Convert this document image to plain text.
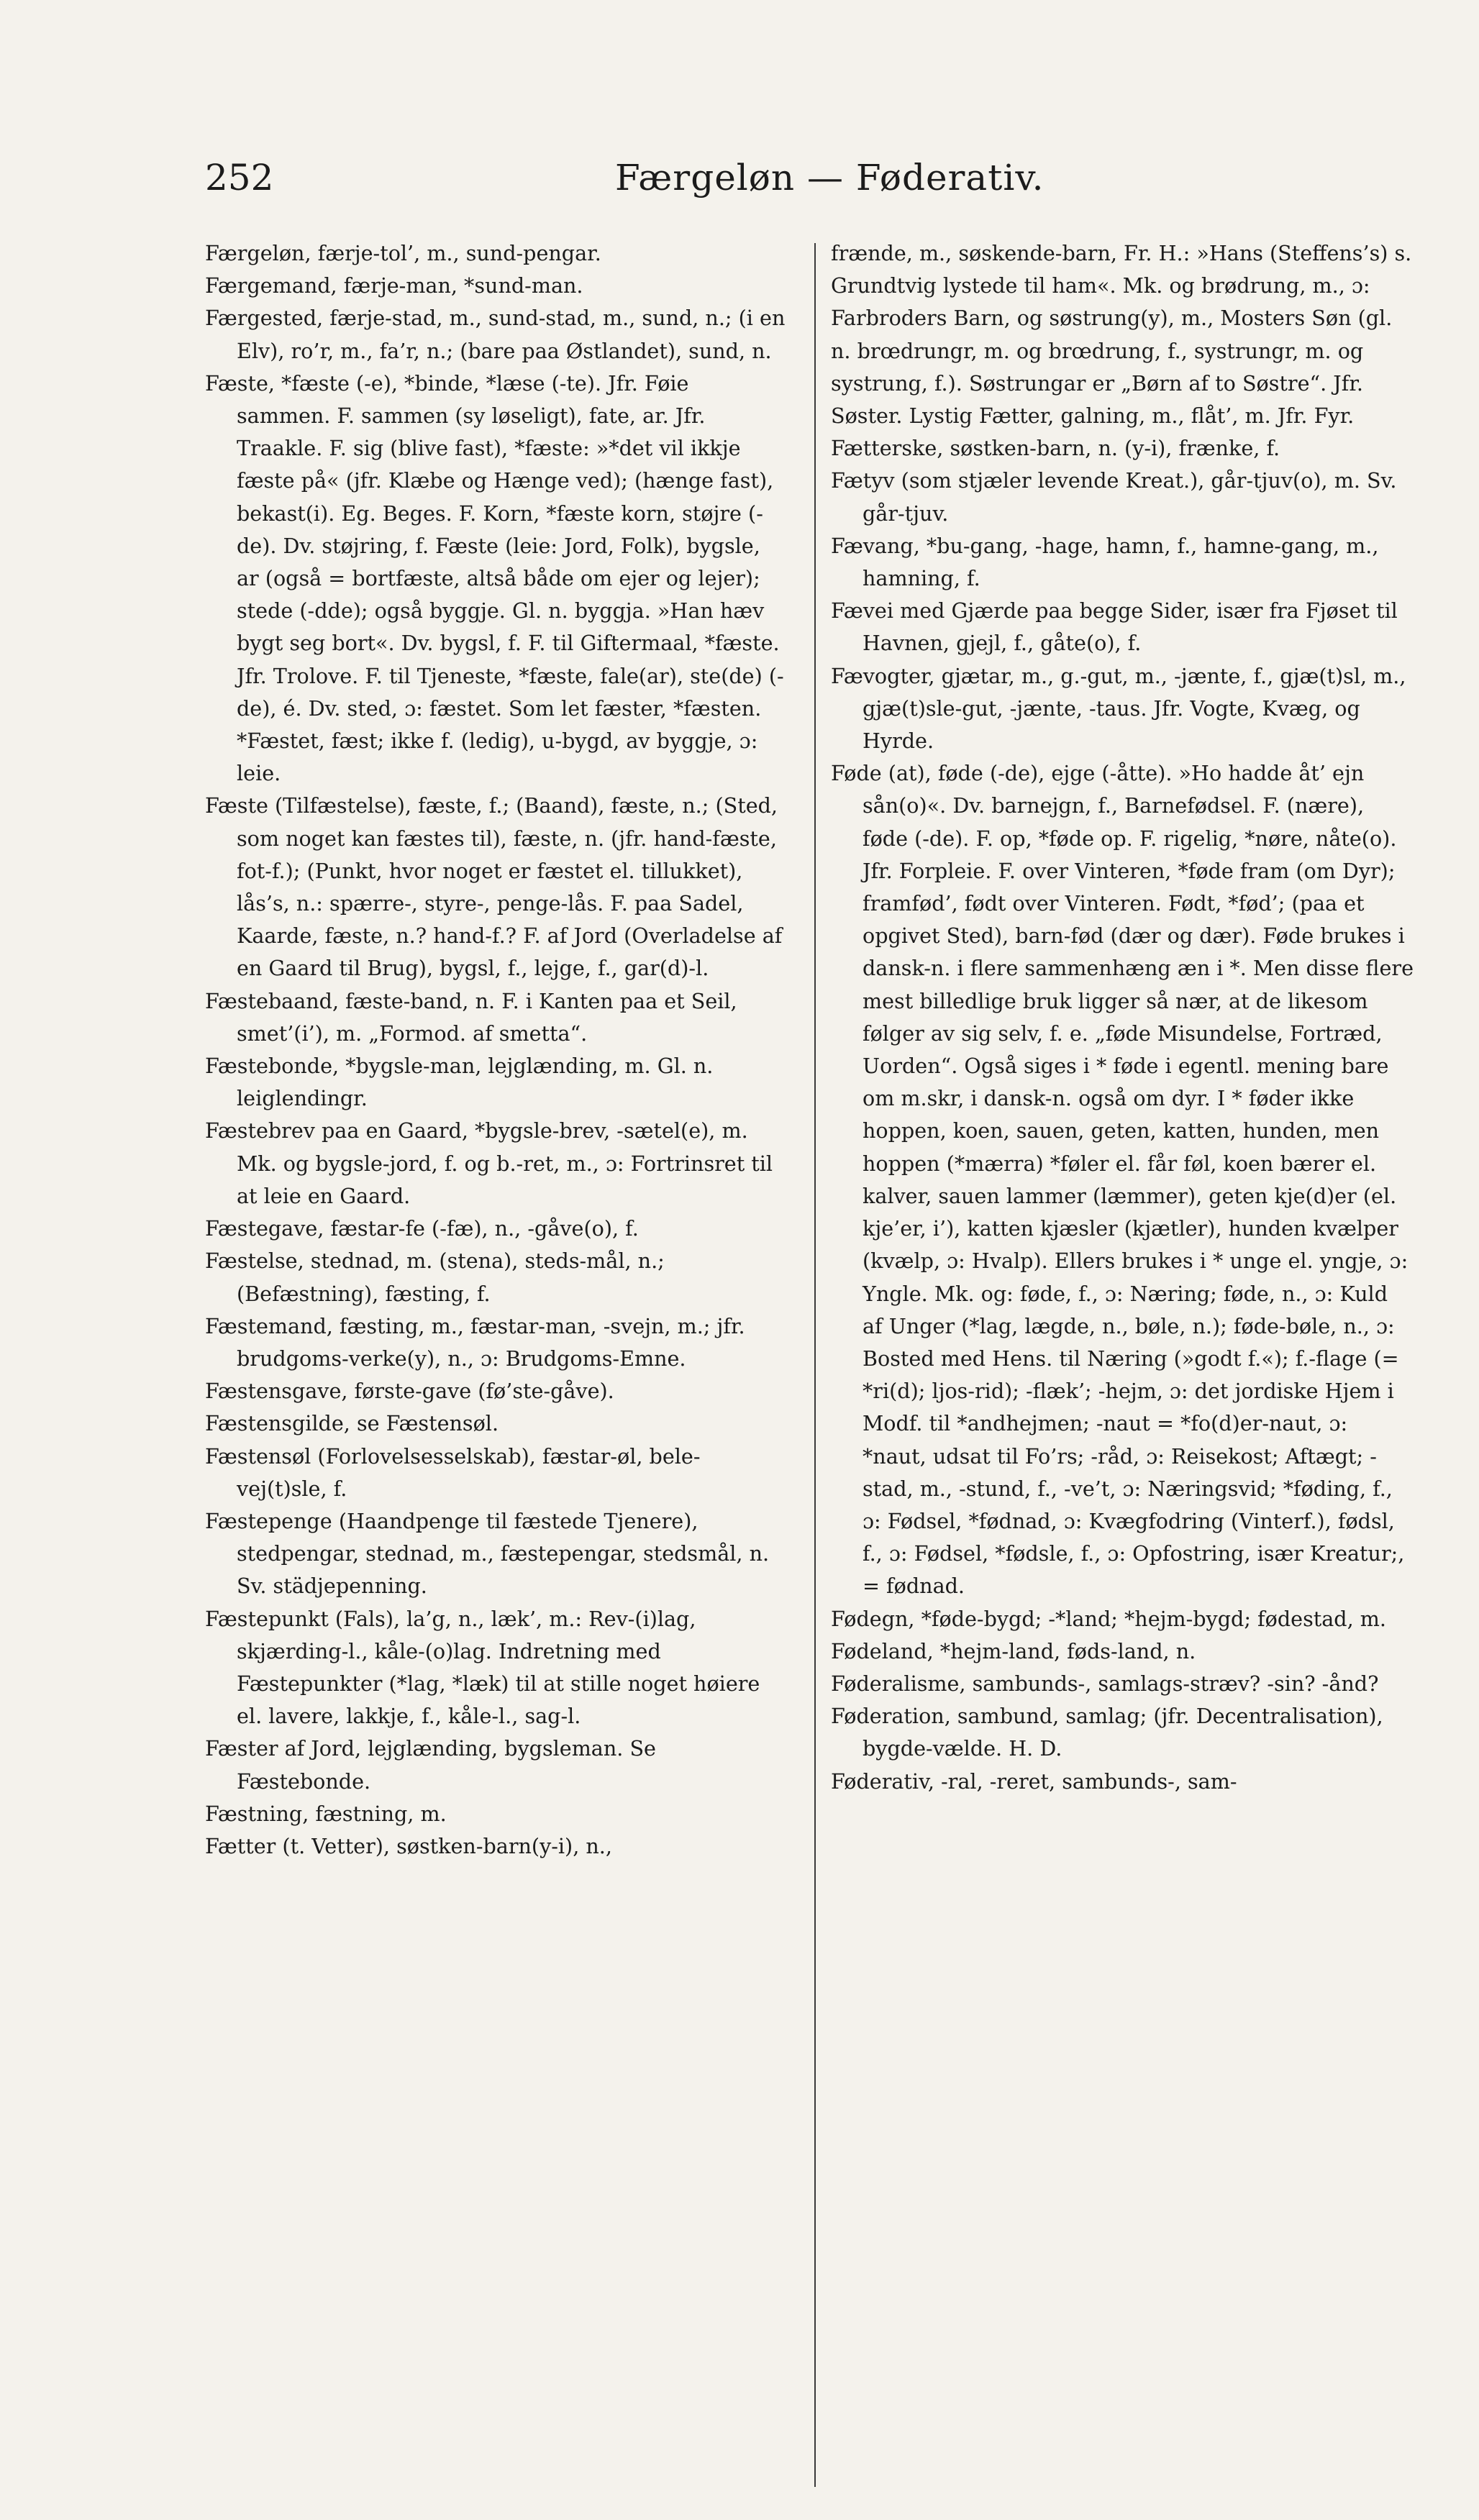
252	Færgeløn — Føderativ.

Færgeløn, færje-tol’, m., sund-pengar.

Færgemand, færje-man, *sund-man.

Færgested, færje-stad, m., sund-stad, m., sund, n.; (i en Elv), ro’r, m., fa’r, n.; (bare paa Østlandet), sund, n.

Fæste, *fæste (-e), *binde, *læse (-te). Jfr. Føie sammen. F. sammen (sy løseligt), fate, ar. Jfr. Traakle. F. sig (blive fast), *fæste: »*det vil ikkje fæste på« (jfr. Klæbe og Hænge ved); (hænge fast), bekast(i). Eg. Beges. F. Korn, *fæste korn, støjre (-de). Dv. støjring, f. Fæste (leie: Jord, Folk), bygsle, ar (også = bortfæste, altså både om ejer og lejer); stede (-dde); også byggje. Gl. n. byggja. »Han hæv bygt seg bort«. Dv. bygsl, f. F. til Giftermaal, *fæste. Jfr. Trolove. F. til Tjeneste, *fæste, fale(ar), ste(de) (-de), é. Dv. sted, ɔ: fæstet. Som let fæster, *fæsten. *Fæstet, fæst; ikke f. (ledig), u-bygd, av byggje, ɔ: leie.

Fæste (Tilfæstelse), fæste, f.; (Baand), fæste, n.; (Sted, som noget kan fæstes til), fæste, n. (jfr. hand-fæste, fot-f.); (Punkt, hvor noget er fæstet el. tillukket), lås’s, n.: spærre-, styre-, penge-lås. F. paa Sadel, Kaarde, fæste, n.? hand-f.? F. af Jord (Overladelse af en Gaard til Brug), bygsl, f., lejge, f., gar(d)-l.

Fæstebaand, fæste-band, n. F. i Kanten paa et Seil, smet’(i’), m. „Formod. af smetta“.

Fæstebonde, *bygsle-man, lejglænding, m. Gl. n. leiglendingr.

Fæstebrev paa en Gaard, *bygsle-brev, -sætel(e), m. Mk. og bygsle-jord, f. og b.-ret, m., ɔ: Fortrinsret til at leie en Gaard.

Fæstegave, fæstar-fe (-fæ), n., -gåve(o), f.

Fæstelse, stednad, m. (stena), steds-mål, n.; (Befæstning), fæsting, f.

Fæstemand, fæsting, m., fæstar-man, -svejn, m.; jfr. brudgoms-verke(y), n., ɔ: Brudgoms-Emne.

Fæstensgave, første-gave (fø’ste-gåve).

Fæstensgilde, se Fæstensøl.

Fæstensøl (Forlovelsesselskab), fæstar-øl, bele-vej(t)sle, f.

Fæstepenge (Haandpenge til fæstede Tjenere), stedpengar, stednad, m., fæstepengar, stedsmål, n. Sv. städjepenning.

Fæstepunkt (Fals), la’g, n., læk’, m.: Rev-(i)lag, skjærding-l., kåle-(o)lag. Indretning med Fæstepunkter (*lag, *læk) til at stille noget høiere el. lavere, lakkje, f., kåle-l., sag-l.

Fæster af Jord, lejglænding, bygsleman. Se Fæstebonde.

Fæstning, fæstning, m.

Fætter (t. Vetter), søstken-barn(y-i), n.,

frænde, m., søskende-barn, Fr. H.: »Hans (Steffens’s) s. Grundtvig lystede til ham«. Mk. og brødrung, m., ɔ: Farbroders Barn, og søstrung(y), m., Mosters Søn (gl. n. brœdrungr, m. og brœdrung, f., systrungr, m. og systrung, f.). Søstrungar er „Børn af to Søstre“. Jfr. Søster. Lystig Fætter, galning, m., flåt’, m. Jfr. Fyr.

Fætterske, søstken-barn, n. (y-i), frænke, f.

Fætyv (som stjæler levende Kreat.), går-tjuv(o), m. Sv. går-tjuv.

Fævang, *bu-gang, -hage, hamn, f., hamne-gang, m., hamning, f.

Fævei med Gjærde paa begge Sider, især fra Fjøset til Havnen, gjejl, f., gåte(o), f.

Fævogter, gjætar, m., g.-gut, m., -jænte, f., gjæ(t)sl, m., gjæ(t)sle-gut, -jænte, -taus. Jfr. Vogte, Kvæg, og Hyrde.

Føde (at), føde (-de), ejge (-åtte). »Ho hadde åt’ ejn sån(o)«. Dv. barnejgn, f., Barnefødsel. F. (nære), føde (-de). F. op, *føde op. F. rigelig, *nøre, nåte(o). Jfr. Forpleie. F. over Vinteren, *føde fram (om Dyr); framfød’, født over Vinteren. Født, *fød’; (paa et opgivet Sted), barn-fød (dær og dær). Føde brukes i dansk-n. i flere sammenhæng æn i *. Men disse flere mest billedlige bruk ligger så nær, at de likesom følger av sig selv, f. e. „føde Misundelse, Fortræd, Uorden“. Også siges i * føde i egentl. mening bare om m.skr, i dansk-n. også om dyr. I * føder ikke hoppen, koen, sauen, geten, katten, hunden, men hoppen (*mærra) *føler el. får føl, koen bærer el. kalver, sauen lammer (læmmer), geten kje(d)er (el. kje’er, i’), katten kjæsler (kjætler), hunden kvælper (kvælp, ɔ: Hvalp). Ellers brukes i * unge el. yngje, ɔ: Yngle. Mk. og: føde, f., ɔ: Næring; føde, n., ɔ: Kuld af Unger (*lag, lægde, n., bøle, n.); føde-bøle, n., ɔ: Bosted med Hens. til Næring (»godt f.«); f.-flage (= *ri(d); ljos-rid); -flæk’; -hejm, ɔ: det jordiske Hjem i Modf. til *andhejmen; -naut = *fo(d)er-naut, ɔ: *naut, udsat til Fo’rs; -råd, ɔ: Reisekost; Aftægt; -stad, m., -stund, f., -ve’t, ɔ: Næringsvid; *føding, f., ɔ: Fødsel, *fødnad, ɔ: Kvægfodring (Vinterf.), fødsl, f., ɔ: Fødsel, *fødsle, f., ɔ: Opfostring, især Kreatur;, = fødnad.

Fødegn, *føde-bygd; -*land; *hejm-bygd; fødestad, m.

Fødeland, *hejm-land, føds-land, n.

Føderalisme, sambunds-, samlags-stræv? -sin? -ånd?

Føderation, sambund, samlag; (jfr. Decentralisation), bygde-vælde. H. D.

Føderativ, -ral, -reret, sambunds-, sam-
